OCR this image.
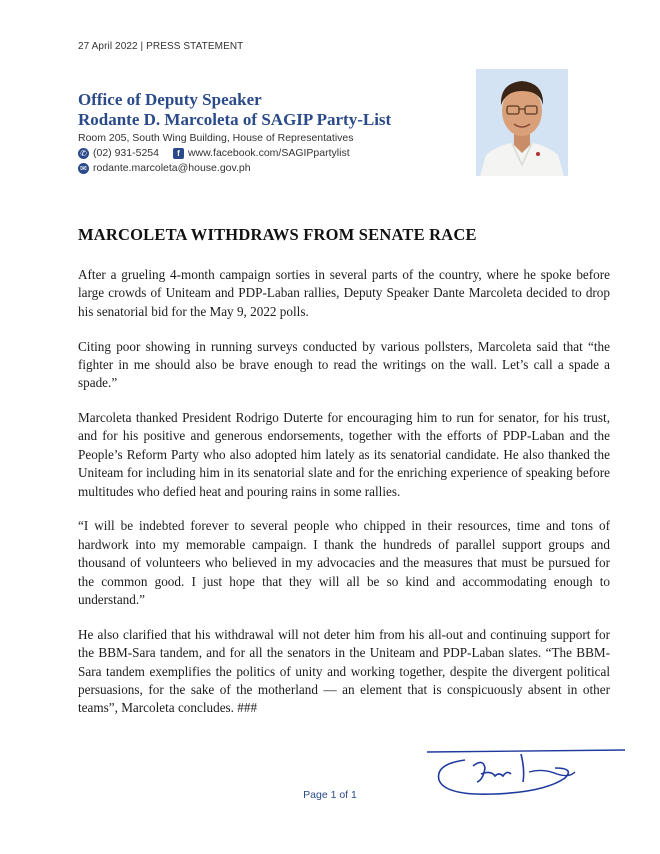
27 April 2022 | PRESS STATEMENT
Office of Deputy Speaker
Rodante D. Marcoleta of SAGIP Party-List
Room 205, South Wing Building, House of Representatives
✆ (02) 931-5254	f www.facebook.com/SAGIPpartylist
✉ rodante.marcoleta@house.gov.ph
MARCOLETA WITHDRAWS FROM SENATE RACE

After a grueling 4-month campaign sorties in several parts of the country, where he spoke before large crowds of Uniteam and PDP-Laban rallies, Deputy Speaker Dante Marcoleta decided to drop his senatorial bid for the May 9, 2022 polls.

Citing poor showing in running surveys conducted by various pollsters, Marcoleta said that “the fighter in me should also be brave enough to read the writings on the wall. Let’s call a spade a spade.”

Marcoleta thanked President Rodrigo Duterte for encouraging him to run for senator, for his trust, and for his positive and generous endorsements, together with the efforts of PDP-Laban and the People’s Reform Party who also adopted him lately as its senatorial candidate. He also thanked the Uniteam for including him in its senatorial slate and for the enriching experience of speaking before multitudes who defied heat and pouring rains in some rallies.

“I will be indebted forever to several people who chipped in their resources, time and tons of hardwork into my memorable campaign. I thank the hundreds of parallel support groups and thousand of volunteers who believed in my advocacies and the measures that must be pursued for the common good. I just hope that they will all be so kind and accommodating enough to understand.”

He also clarified that his withdrawal will not deter him from his all-out and continuing support for the BBM-Sara tandem, and for all the senators in the Uniteam and PDP-Laban slates. “The BBM-Sara tandem exemplifies the politics of unity and working together, despite the divergent political persuasions, for the sake of the motherland — an element that is conspicuously absent in other teams”, Marcoleta concludes. ###

Page 1 of 1
